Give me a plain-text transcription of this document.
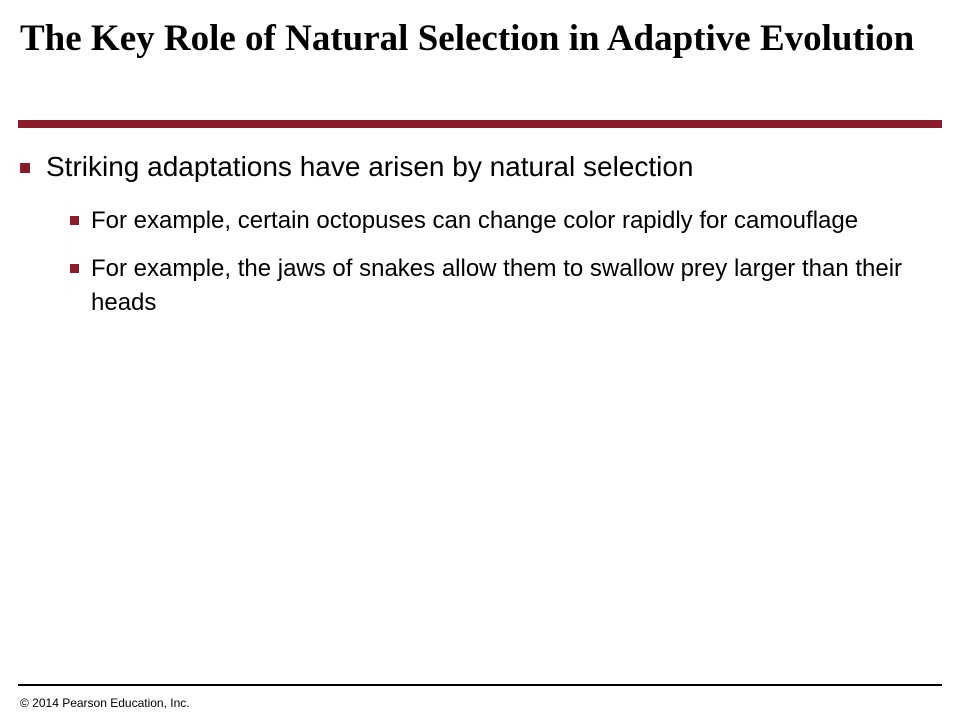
The Key Role of Natural Selection in Adaptive Evolution
Striking adaptations have arisen by natural selection
For example, certain octopuses can change color rapidly for camouflage
For example, the jaws of snakes allow them to swallow prey larger than their heads
© 2014 Pearson Education, Inc.
